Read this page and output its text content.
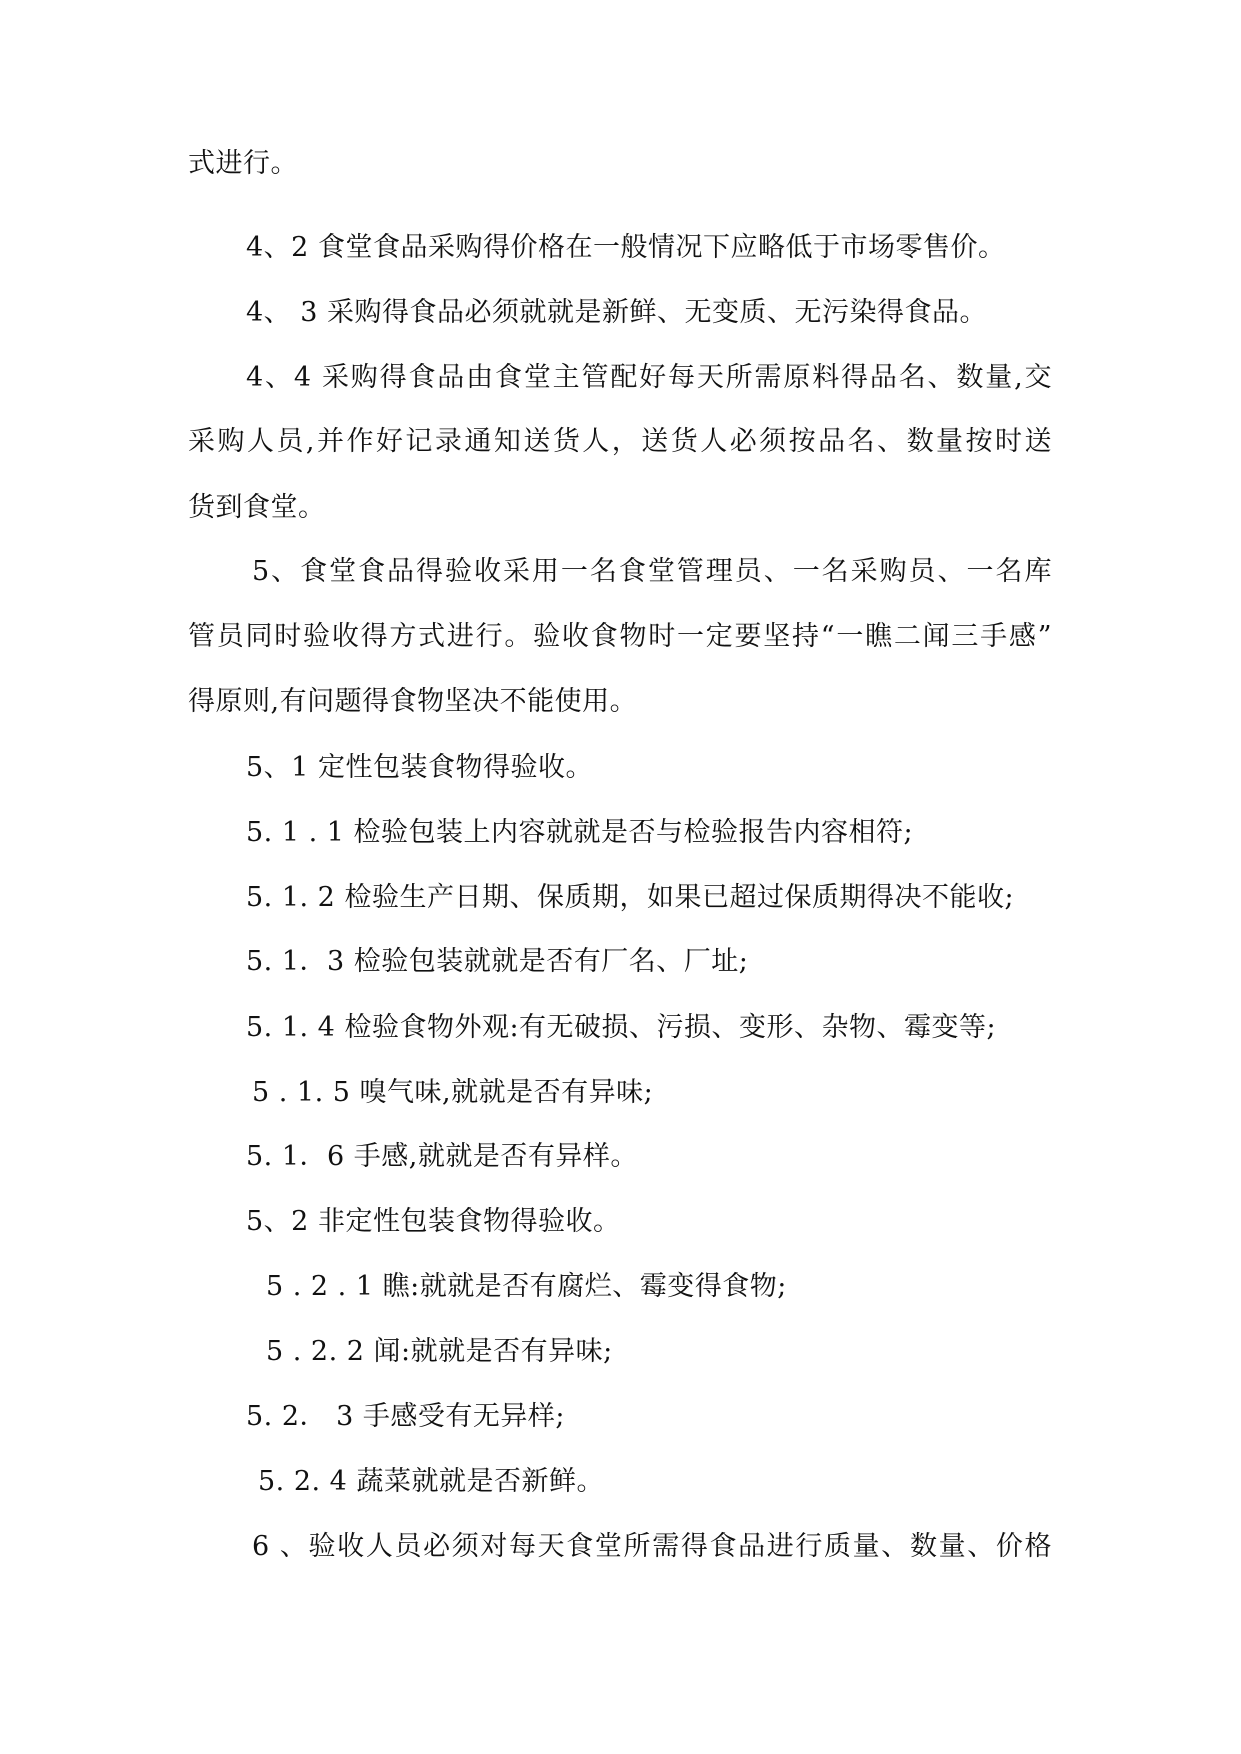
式进行。
4、2 食堂食品采购得价格在一般情况下应略低于市场零售价。
4、 3 采购得食品必须就就是新鲜、无变质、无污染得食品。
4、4 采购得食品由食堂主管配好每天所需原料得品名、数量,交
采购人员,并作好记录通知送货人，送货人必须按品名、数量按时送
货到食堂。
5、食堂食品得验收采用一名食堂管理员、一名采购员、一名库
管员同时验收得方式进行。验收食物时一定要坚持“一瞧二闻三手感”
得原则,有问题得食物坚决不能使用。
5、1 定性包装食物得验收。
5. 1 . 1 检验包装上内容就就是否与检验报告内容相符;
5. 1. 2 检验生产日期、保质期，如果已超过保质期得决不能收;
5. 1．3 检验包装就就是否有厂名、厂址;
5. 1. 4 检验食物外观:有无破损、污损、变形、杂物、霉变等;
5 . 1. 5 嗅气味,就就是否有异味;
5. 1．6 手感,就就是否有异样。
5、2 非定性包装食物得验收。
5 . 2 . 1 瞧:就就是否有腐烂、霉变得食物;
5 . 2. 2 闻:就就是否有异味;
5. 2． 3 手感受有无异样;
5. 2. 4 蔬菜就就是否新鲜。
6 、验收人员必须对每天食堂所需得食品进行质量、数量、价格
